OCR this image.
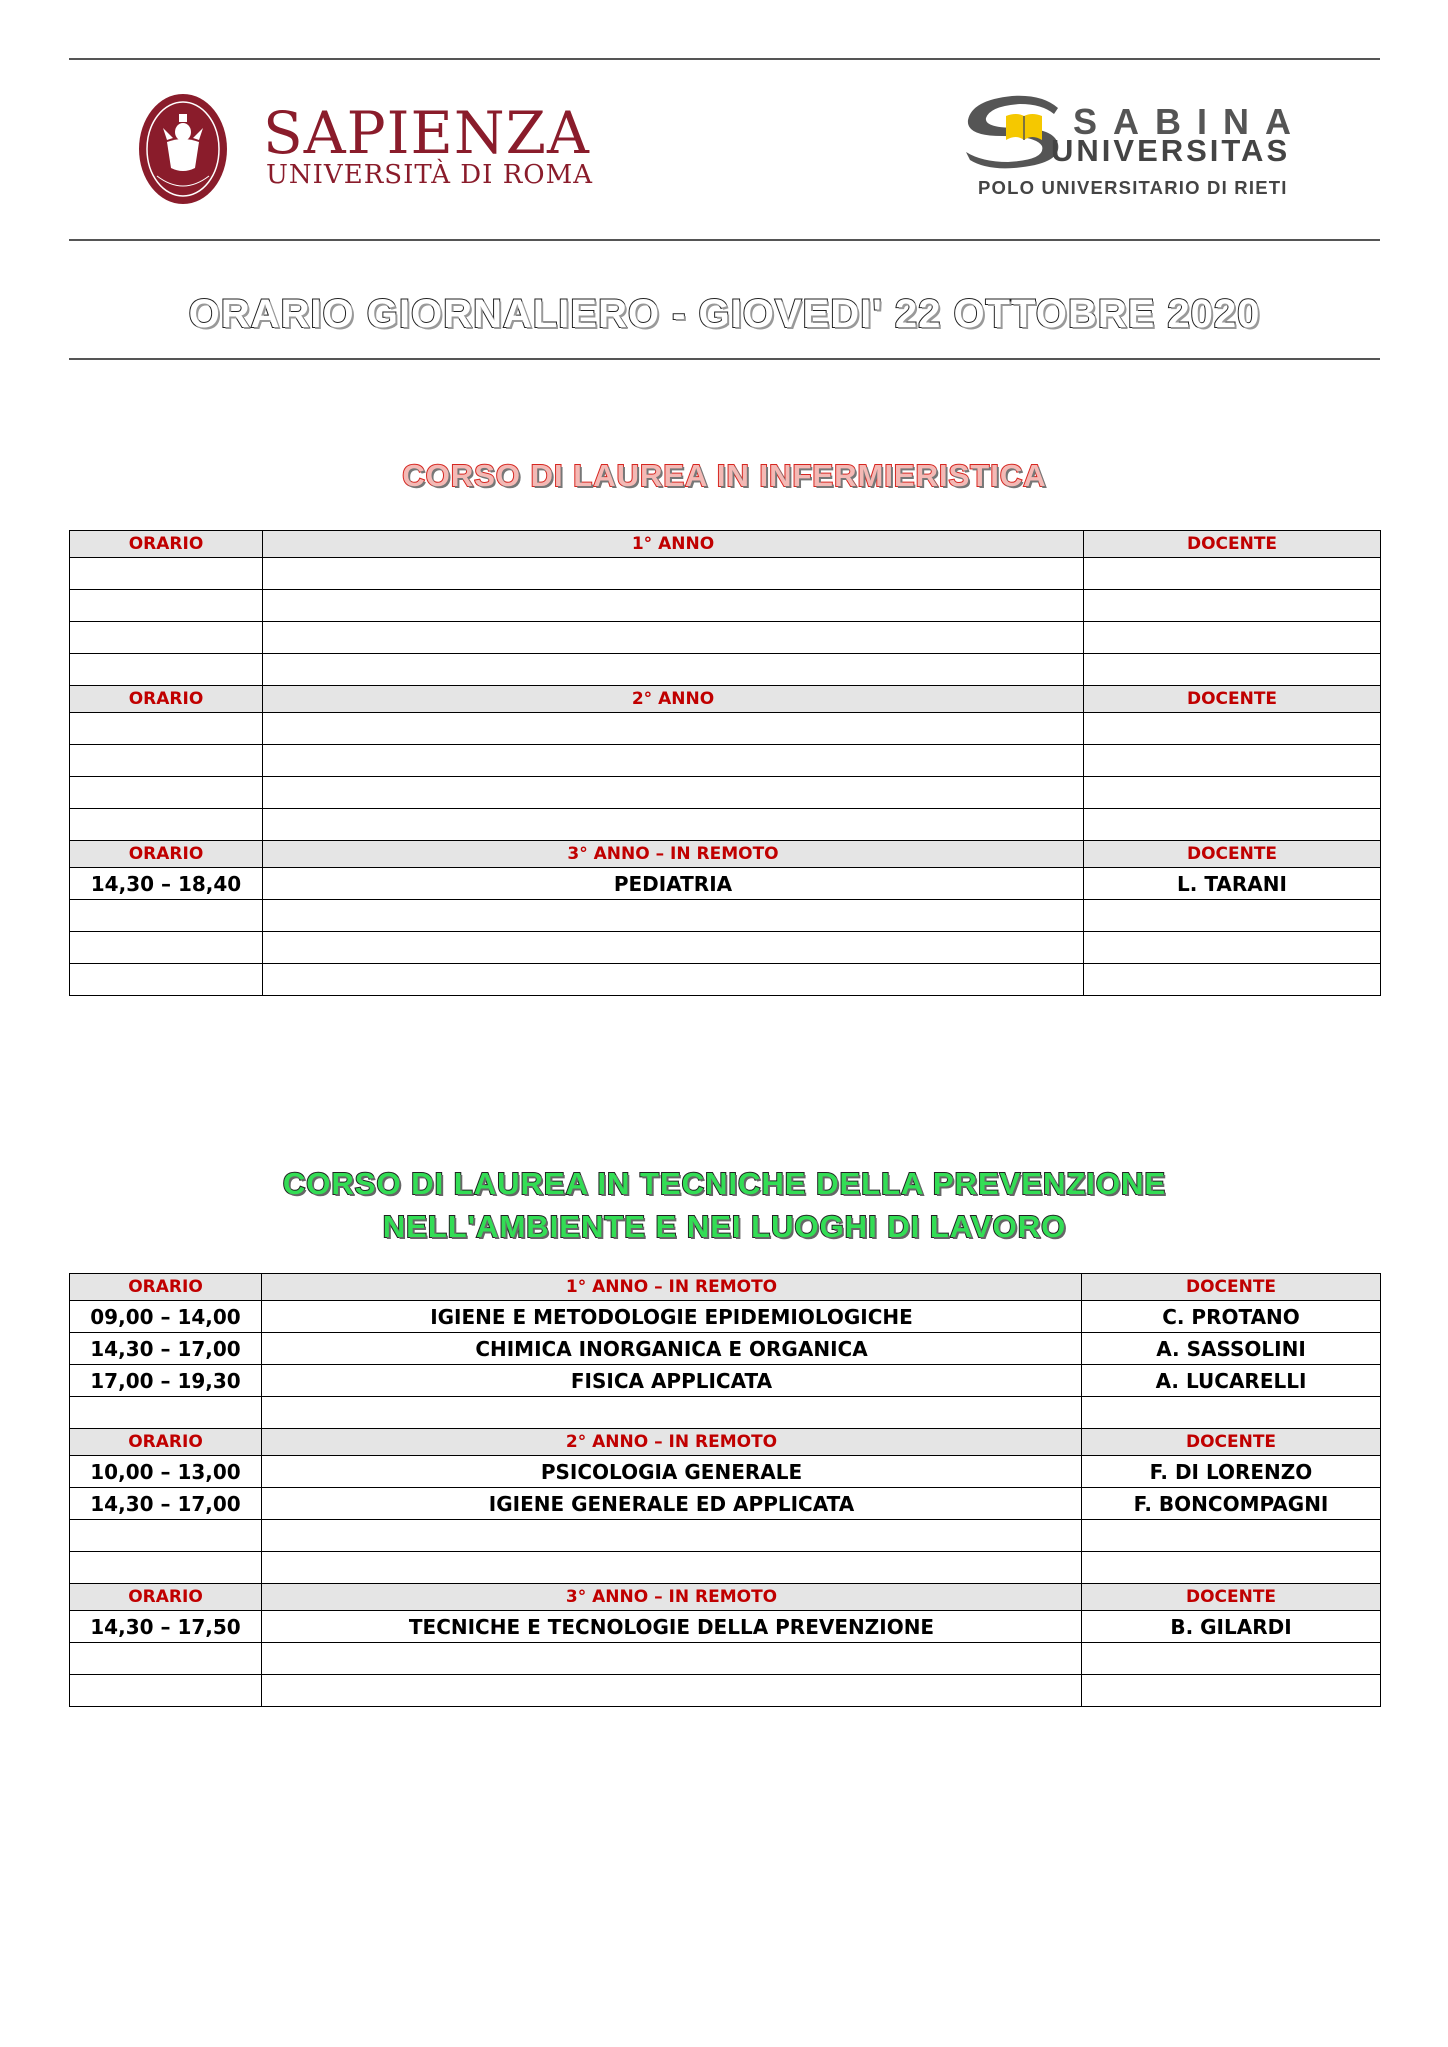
SAPIENZA
UNIVERSITÀ DI ROMA
SABINA
UNIVERSITAS
POLO UNIVERSITARIO DI RIETI
ORARIO GIORNALIERO - GIOVEDI' 22 OTTOBRE 2020
CORSO DI LAUREA IN INFERMIERISTICA
ORARIO	1° ANNO	DOCENTE

ORARIO	2° ANNO	DOCENTE

ORARIO	3° ANNO – IN REMOTO	DOCENTE
14,30 – 18,40	PEDIATRIA	L. TARANI

CORSO DI LAUREA IN TECNICHE DELLA PREVENZIONE
NELL'AMBIENTE E NEI LUOGHI DI LAVORO
ORARIO	1° ANNO – IN REMOTO	DOCENTE
09,00 – 14,00	IGIENE E METODOLOGIE EPIDEMIOLOGICHE	C. PROTANO
14,30 – 17,00	CHIMICA INORGANICA E ORGANICA	A. SASSOLINI
17,00 – 19,30	FISICA APPLICATA	A. LUCARELLI

ORARIO	2° ANNO – IN REMOTO	DOCENTE
10,00 – 13,00	PSICOLOGIA GENERALE	F. DI LORENZO
14,30 – 17,00	IGIENE GENERALE ED APPLICATA	F. BONCOMPAGNI

ORARIO	3° ANNO – IN REMOTO	DOCENTE
14,30 – 17,50	TECNICHE E TECNOLOGIE DELLA PREVENZIONE	B. GILARDI
